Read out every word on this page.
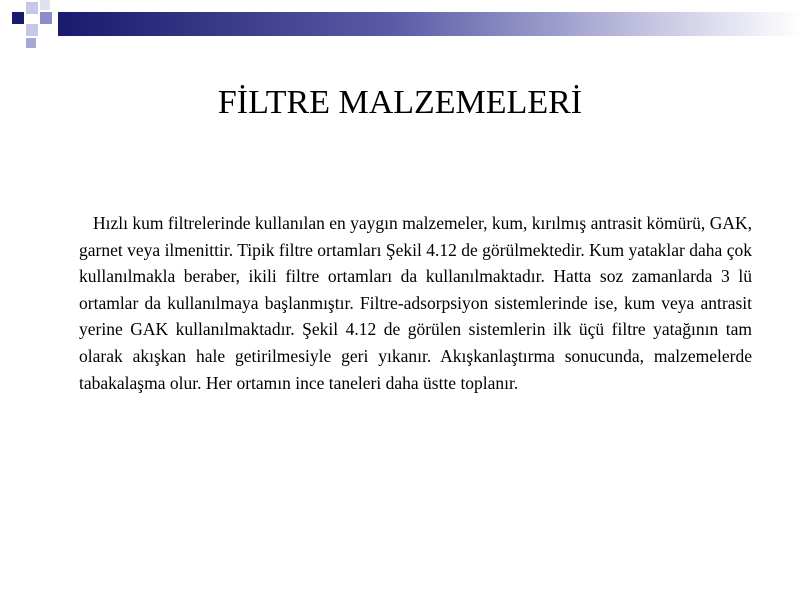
FİLTRE MALZEMELERİ

Hızlı kum filtrelerinde kullanılan en yaygın malzemeler, kum, kırılmış antrasit kömürü, GAK, garnet veya ilmenittir. Tipik filtre ortamları Şekil 4.12 de görülmektedir. Kum yataklar daha çok kullanılmakla beraber, ikili filtre ortamları da kullanılmaktadır. Hatta soz zamanlarda 3 lü ortamlar da kullanılmaya başlanmıştır. Filtre-adsorpsiyon sistemlerinde ise, kum veya antrasit yerine GAK kullanılmaktadır. Şekil 4.12 de görülen sistemlerin ilk üçü filtre yatağının tam olarak akışkan hale getirilmesiyle geri yıkanır. Akışkanlaştırma sonucunda, malzemelerde tabakalaşma olur. Her ortamın ince taneleri daha üstte toplanır.
